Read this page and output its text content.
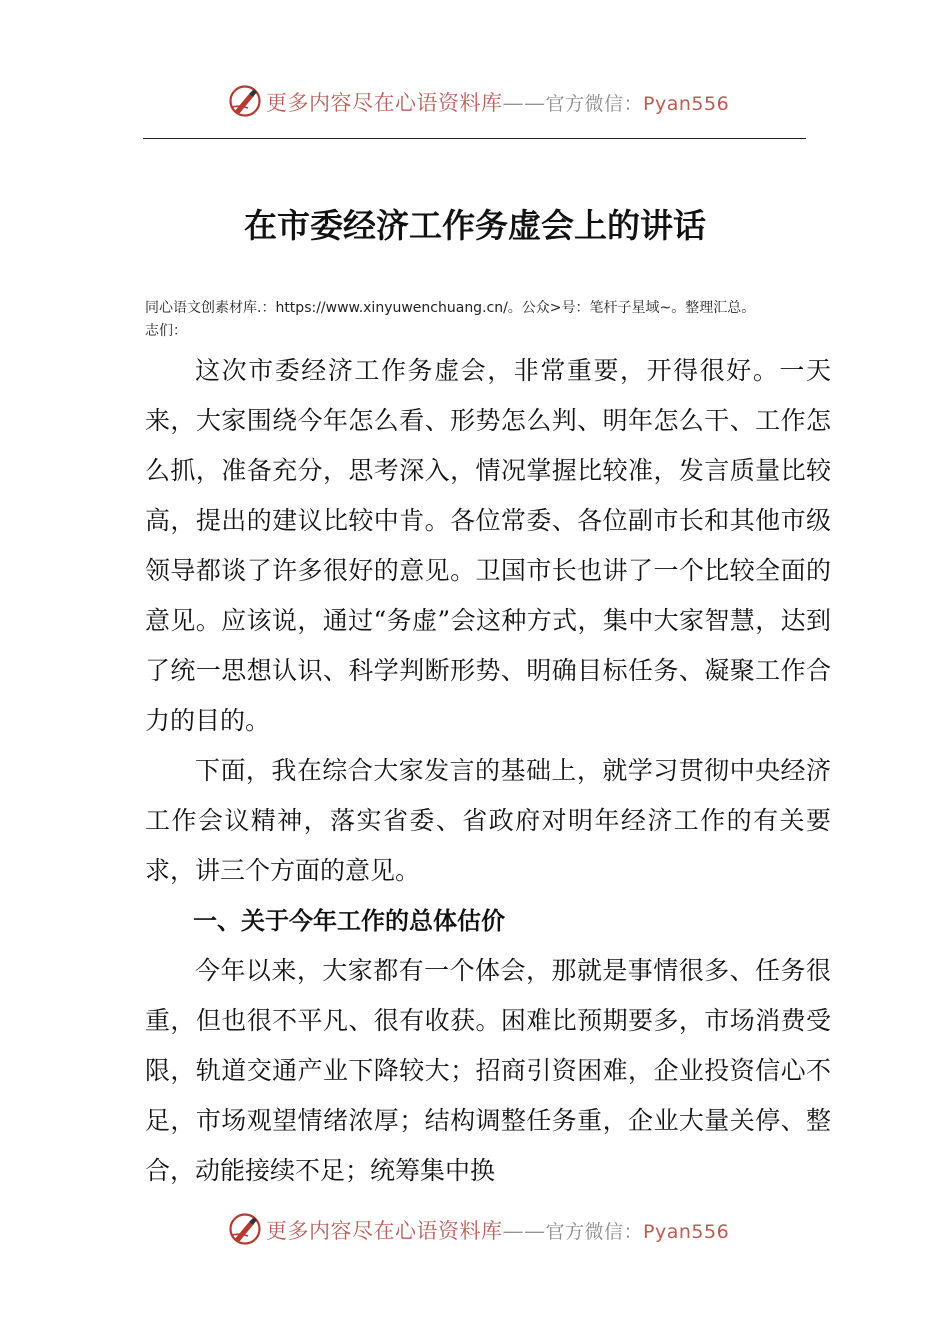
更多内容尽在心语资料库——官方微信：Pyan556
在市委经济工作务虚会上的讲话
同心语文创素材库.：https://www.xinyuwenchuang.cn/。公众>号：笔杆子星域~。整理汇总。
志们：

这次市委经济工作务虚会，非常重要，开得很好。一天来，大家围绕今年怎么看、形势怎么判、明年怎么干、工作怎么抓，准备充分，思考深入，情况掌握比较准，发言质量比较高，提出的建议比较中肯。各位常委、各位副市长和其他市级领导都谈了许多很好的意见。卫国市长也讲了一个比较全面的意见。应该说，通过“务虚”会这种方式，集中大家智慧，达到了统一思想认识、科学判断形势、明确目标任务、凝聚工作合力的目的。

下面，我在综合大家发言的基础上，就学习贯彻中央经济工作会议精神，落实省委、省政府对明年经济工作的有关要求，讲三个方面的意见。

一、关于今年工作的总体估价

今年以来，大家都有一个体会，那就是事情很多、任务很重，但也很不平凡、很有收获。困难比预期要多，市场消费受限，轨道交通产业下降较大；招商引资困难，企业投资信心不足，市场观望情绪浓厚；结构调整任务重，企业大量关停、整合，动能接续不足；统筹集中换

更多内容尽在心语资料库——官方微信：Pyan556
